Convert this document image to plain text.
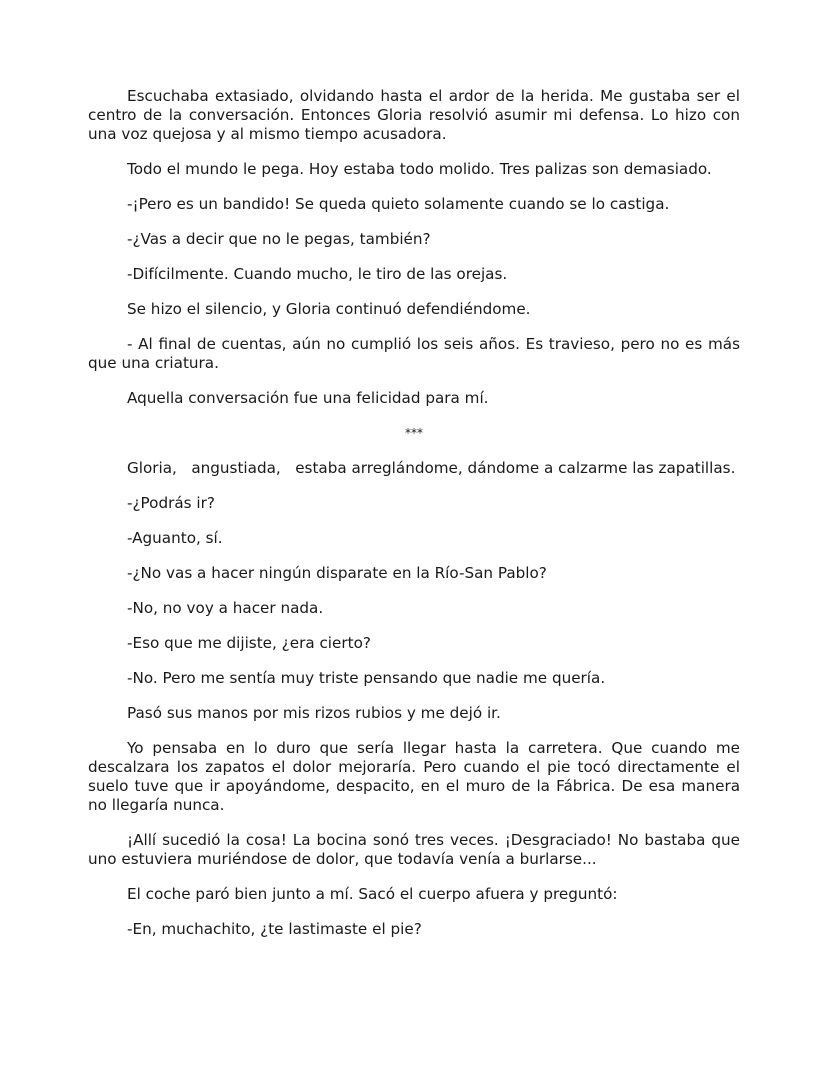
Escuchaba extasiado, olvidando hasta el ardor de la herida. Me gustaba ser el centro de la conversación. Entonces Gloria resolvió asumir mi defensa. Lo hizo con una voz quejosa y al mismo tiempo acusadora.

Todo el mundo le pega. Hoy estaba todo molido. Tres palizas son demasiado.

-¡Pero es un bandido! Se queda quieto solamente cuando se lo castiga.

-¿Vas a decir que no le pegas, también?

-Difícilmente. Cuando mucho, le tiro de las orejas.

Se hizo el silencio, y Gloria continuó defendiéndome.

- Al final de cuentas, aún no cumplió los seis años. Es travieso, pero no es más que una criatura.

Aquella conversación fue una felicidad para mí.

***

Gloria,   angustiada,   estaba arreglándome, dándome a calzarme las zapatillas.

-¿Podrás ir?

-Aguanto, sí.

-¿No vas a hacer ningún disparate en la Río-San Pablo?

-No, no voy a hacer nada.

-Eso que me dijiste, ¿era cierto?

-No. Pero me sentía muy triste pensando que nadie me quería.

Pasó sus manos por mis rizos rubios y me dejó ir.

Yo pensaba en lo duro que sería llegar hasta la carretera. Que cuando me descalzara los zapatos el dolor mejoraría. Pero cuando el pie tocó directamente el suelo tuve que ir apoyándome, despacito, en el muro de la Fábrica. De esa manera no llegaría nunca.

¡Allí sucedió la cosa! La bocina sonó tres veces. ¡Desgraciado! No bastaba que uno estuviera muriéndose de dolor, que todavía venía a burlarse...

El coche paró bien junto a mí. Sacó el cuerpo afuera y preguntó:

-En, muchachito, ¿te lastimaste el pie?
